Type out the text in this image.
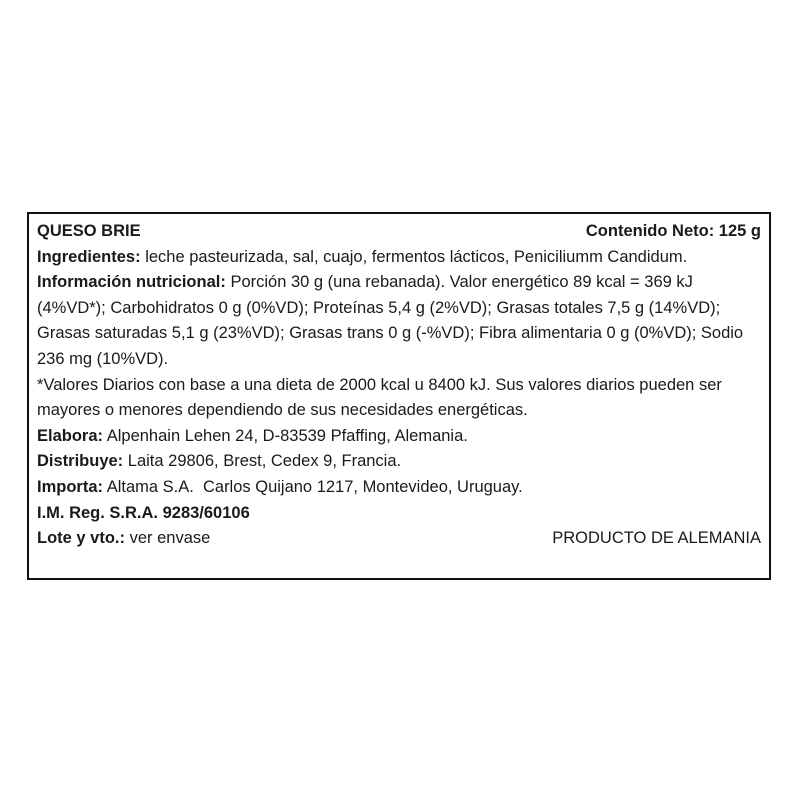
QUESO BRIE	Contenido Neto: 125 g

Ingredientes: leche pasteurizada, sal, cuajo, fermentos lácticos, Peniciliumm Candidum.

Información nutricional: Porción 30 g (una rebanada). Valor energético 89 kcal = 369 kJ (4%VD*); Carbohidratos 0 g (0%VD); Proteínas 5,4 g (2%VD); Grasas totales 7,5 g (14%VD); Grasas saturadas 5,1 g (23%VD); Grasas trans 0 g (-%VD); Fibra alimentaria 0 g (0%VD); Sodio 236 mg (10%VD).

*Valores Diarios con base a una dieta de 2000 kcal u 8400 kJ. Sus valores diarios pueden ser mayores o menores dependiendo de sus necesidades energéticas.

Elabora: Alpenhain Lehen 24, D-83539 Pfaffing, Alemania.

Distribuye: Laita 29806, Brest, Cedex 9, Francia.

Importa: Altama S.A.  Carlos Quijano 1217, Montevideo, Uruguay.

I.M. Reg. S.R.A. 9283/60106

Lote y vto.: ver envase	PRODUCTO DE ALEMANIA
